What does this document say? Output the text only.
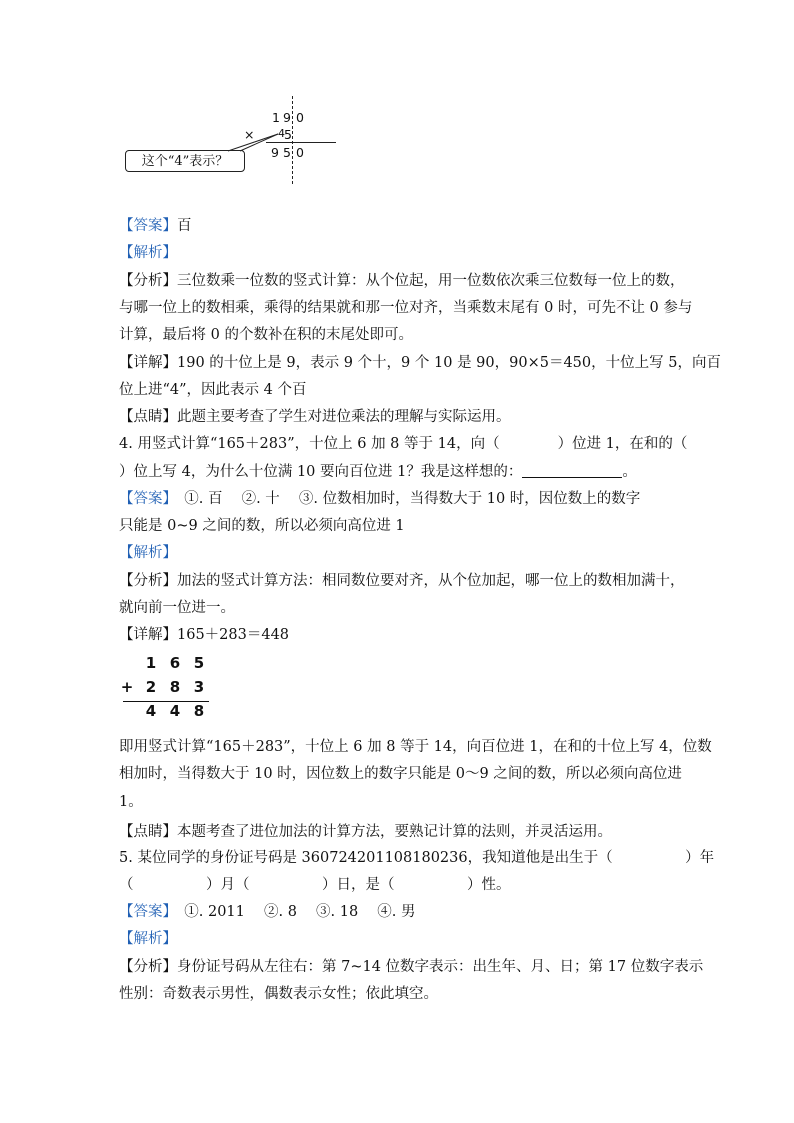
1 9 0
× 4 5
9 5 0
这个“4”表示？
【答案】百
【解析】
【分析】三位数乘一位数的竖式计算：从个位起，用一位数依次乘三位数每一位上的数，
与哪一位上的数相乘，乘得的结果就和那一位对齐，当乘数末尾有 0 时，可先不让 0 参与
计算，最后将 0 的个数补在积的末尾处即可。
【详解】190 的十位上是 9，表示 9 个十，9 个 10 是 90，90×5＝450，十位上写 5，向百
位上进“4”，因此表示 4 个百
【点睛】此题主要考查了学生对进位乘法的理解与实际运用。
4. 用竖式计算“165＋283”，十位上 6 加 8 等于 14，向（　　　　）位进 1，在和的（
）位上写 4，为什么十位满 10 要向百位进 1？我是这样想的：	。
【答案】　①. 百　 ②. 十　 ③. 位数相加时，当得数大于 10 时，因位数上的数字
只能是 0~9 之间的数，所以必须向高位进 1
【解析】
【分析】加法的竖式计算方法：相同数位要对齐，从个位加起，哪一位上的数相加满十，
就向前一位进一。
【详解】165＋283＝448
1 6 5
+ 2 8 3
4 4 8
即用竖式计算“165＋283”，十位上 6 加 8 等于 14，向百位进 1，在和的十位上写 4，位数
相加时，当得数大于 10 时，因位数上的数字只能是 0～9 之间的数，所以必须向高位进
1。
【点睛】本题考查了进位加法的计算方法，要熟记计算的法则，并灵活运用。
5. 某位同学的身份证号码是 360724201108180236，我知道他是出生于（　　　　　）年
（　　　　　）月（　　　　　）日，是（　　　　　）性。
【答案】　①. 2011　 ②. 8　 ③. 18　 ④. 男
【解析】
【分析】身份证号码从左往右：第 7~14 位数字表示：出生年、月、日；第 17 位数字表示
性别：奇数表示男性，偶数表示女性；依此填空。
